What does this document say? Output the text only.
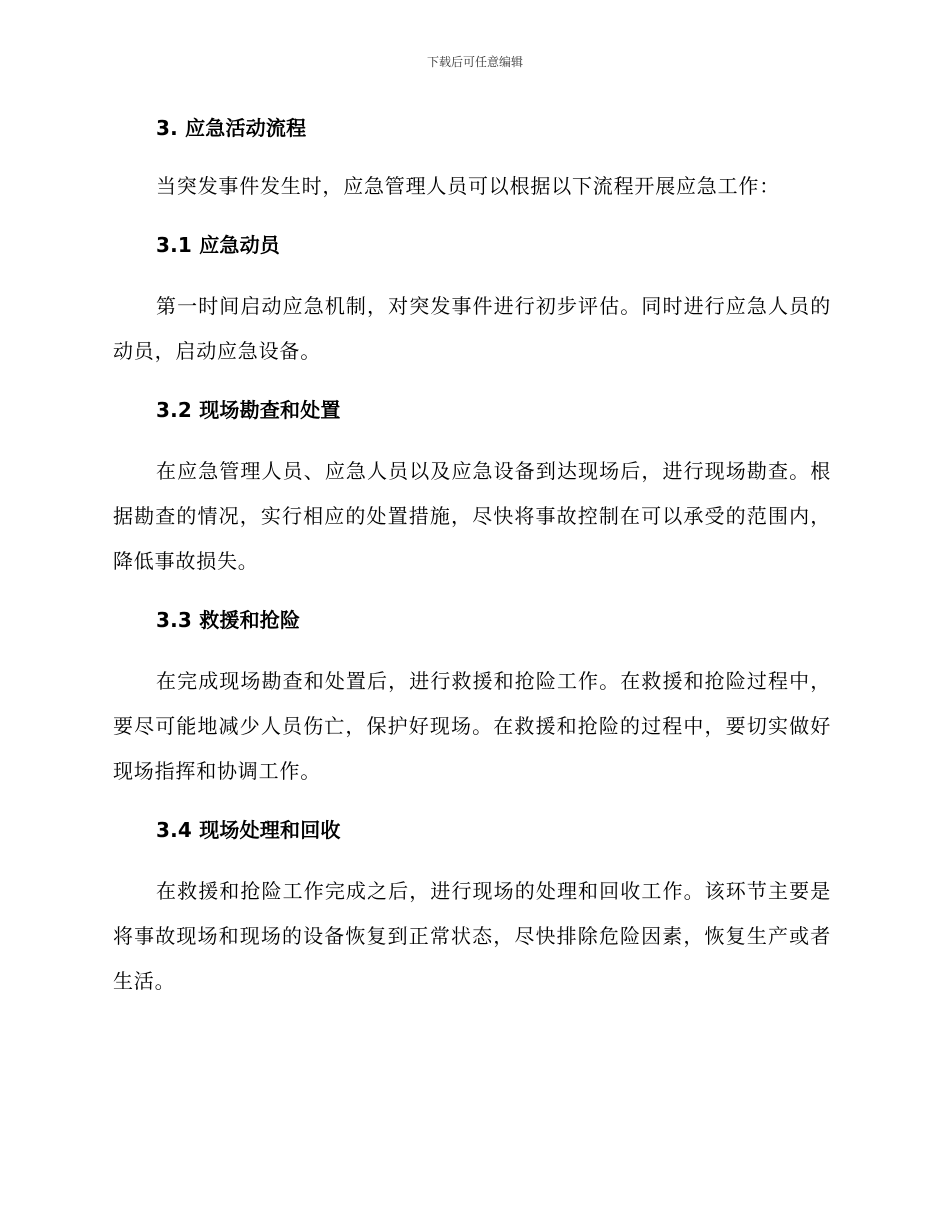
下载后可任意编辑
3. 应急活动流程

当突发事件发生时，应急管理人员可以根据以下流程开展应急工作：

3.1 应急动员

第一时间启动应急机制，对突发事件进行初步评估。同时进行应急人员的动员，启动应急设备。

3.2 现场勘查和处置

在应急管理人员、应急人员以及应急设备到达现场后，进行现场勘查。根据勘查的情况，实行相应的处置措施，尽快将事故控制在可以承受的范围内，降低事故损失。

3.3 救援和抢险

在完成现场勘查和处置后，进行救援和抢险工作。在救援和抢险过程中，要尽可能地减少人员伤亡，保护好现场。在救援和抢险的过程中，要切实做好现场指挥和协调工作。

3.4 现场处理和回收

在救援和抢险工作完成之后，进行现场的处理和回收工作。该环节主要是将事故现场和现场的设备恢复到正常状态，尽快排除危险因素，恢复生产或者生活。
